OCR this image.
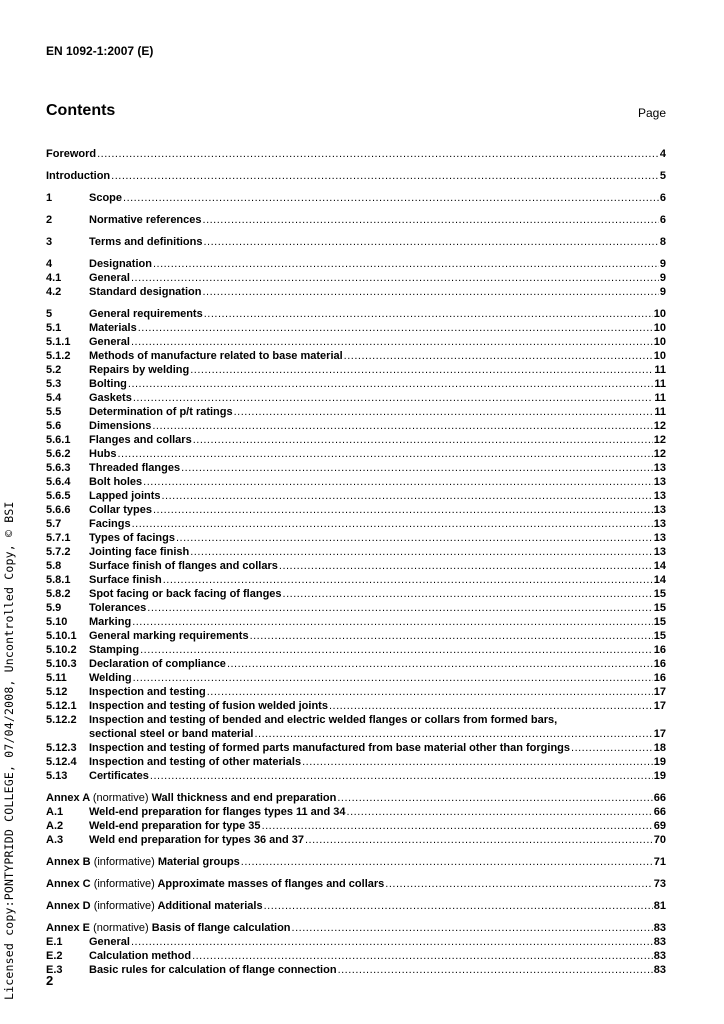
EN 1092-1:2007 (E)
Contents	Page
Foreword .....	4
Introduction .....	5
1	Scope .....	6
2	Normative references .....	6
3	Terms and definitions .....	8
4	Designation .....	9
4.1	General .....	9
4.2	Standard designation .....	9
5	General requirements .....	10
5.1	Materials .....	10
5.1.1	General .....	10
5.1.2	Methods of manufacture related to base material .....	10
5.2	Repairs by welding .....	11
5.3	Bolting .....	11
5.4	Gaskets .....	11
5.5	Determination of p/t ratings .....	11
5.6	Dimensions .....	12
5.6.1	Flanges and collars .....	12
5.6.2	Hubs .....	12
5.6.3	Threaded flanges .....	13
5.6.4	Bolt holes .....	13
5.6.5	Lapped joints .....	13
5.6.6	Collar types .....	13
5.7	Facings .....	13
5.7.1	Types of facings .....	13
5.7.2	Jointing face finish .....	13
5.8	Surface finish of flanges and collars .....	14
5.8.1	Surface finish .....	14
5.8.2	Spot facing or back facing of flanges .....	15
5.9	Tolerances .....	15
5.10	Marking .....	15
5.10.1	General marking requirements .....	15
5.10.2	Stamping .....	16
5.10.3	Declaration of compliance .....	16
5.11	Welding .....	16
5.12	Inspection and testing .....	17
5.12.1	Inspection and testing of fusion welded joints .....	17
5.12.2	Inspection and testing of bended and electric welded flanges or collars from formed bars,
sectional steel or band material .....	17
5.12.3	Inspection and testing of formed parts manufactured from base material other than forgings .....	18
5.12.4	Inspection and testing of other materials .....	19
5.13	Certificates .....	19
Annex A (normative) Wall thickness and end preparation .....	66
A.1	Weld-end preparation for flanges types 11 and 34 .....	66
A.2	Weld-end preparation for type 35 .....	69
A.3	Weld end preparation for types 36 and 37 .....	70
Annex B (informative) Material groups .....	71
Annex C (informative) Approximate masses of flanges and collars .....	73
Annex D (informative) Additional materials .....	81
Annex E (normative) Basis of flange calculation .....	83
E.1	General .....	83
E.2	Calculation method .....	83
E.3	Basic rules for calculation of flange connection .....	83
Licensed copy:PONTYPRIDD COLLEGE, 07/04/2008, Uncontrolled Copy, © BSI 2
